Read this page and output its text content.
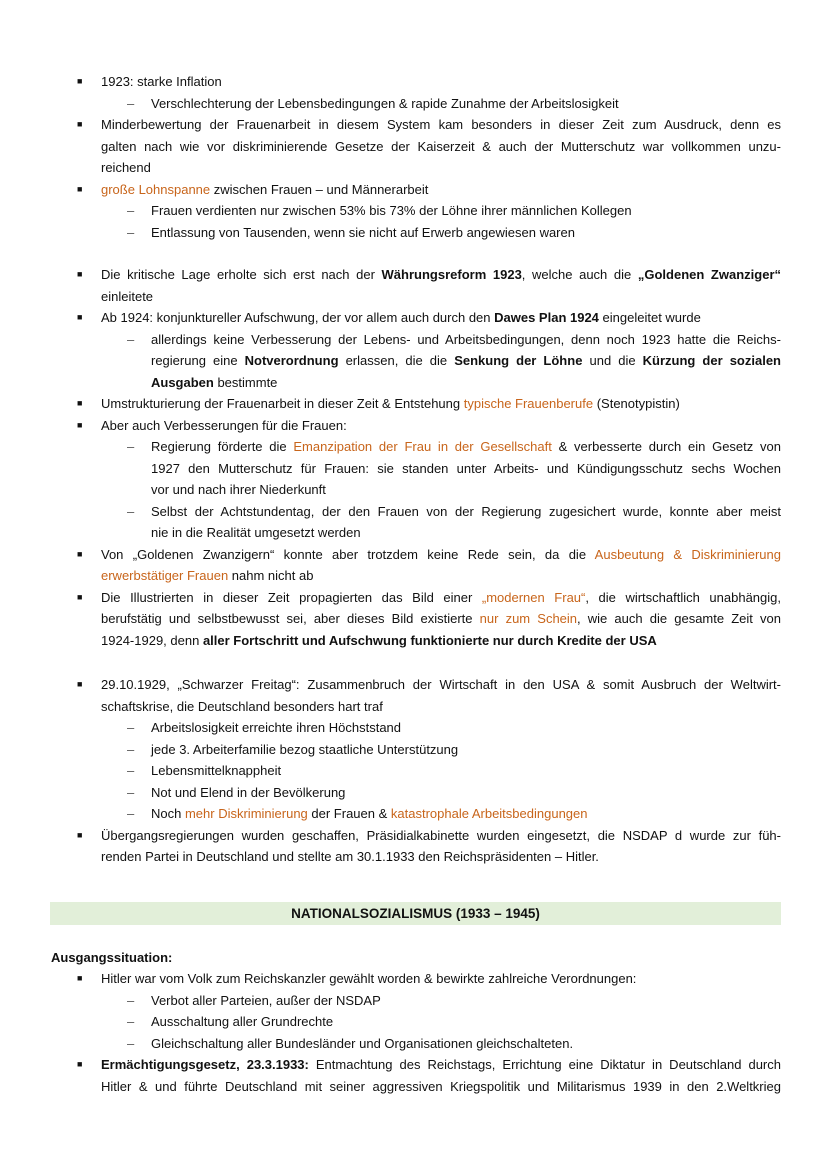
■ 1923: starke Inflation
– Verschlechterung der Lebensbedingungen & rapide Zunahme der Arbeitslosigkeit
■ Minderbewertung der Frauenarbeit in diesem System kam besonders in dieser Zeit zum Ausdruck, denn es
galten nach wie vor diskriminierende Gesetze der Kaiserzeit & auch der Mutterschutz war vollkommen unzu-
reichend
■ große Lohnspanne zwischen Frauen – und Männerarbeit
– Frauen verdienten nur zwischen 53% bis 73% der Löhne ihrer männlichen Kollegen
– Entlassung von Tausenden, wenn sie nicht auf Erwerb angewiesen waren
■ Die kritische Lage erholte sich erst nach der Währungsreform 1923, welche auch die „Goldenen Zwanziger“
einleitete
■ Ab 1924: konjunktureller Aufschwung, der vor allem auch durch den Dawes Plan 1924 eingeleitet wurde
– allerdings keine Verbesserung der Lebens- und Arbeitsbedingungen, denn noch 1923 hatte die Reichs-
regierung eine Notverordnung erlassen, die die Senkung der Löhne und die Kürzung der sozialen
Ausgaben bestimmte
■ Umstrukturierung der Frauenarbeit in dieser Zeit & Entstehung typische Frauenberufe (Stenotypistin)
■ Aber auch Verbesserungen für die Frauen:
– Regierung förderte die Emanzipation der Frau in der Gesellschaft & verbesserte durch ein Gesetz von
1927 den Mutterschutz für Frauen: sie standen unter Arbeits- und Kündigungsschutz sechs Wochen
vor und nach ihrer Niederkunft
– Selbst der Achtstundentag, der den Frauen von der Regierung zugesichert wurde, konnte aber meist
nie in die Realität umgesetzt werden
■ Von „Goldenen Zwanzigern“ konnte aber trotzdem keine Rede sein, da die Ausbeutung & Diskriminierung
erwerbstätiger Frauen nahm nicht ab
■ Die Illustrierten in dieser Zeit propagierten das Bild einer „modernen Frau“, die wirtschaftlich unabhängig,
berufstätig und selbstbewusst sei, aber dieses Bild existierte nur zum Schein, wie auch die gesamte Zeit von
1924-1929, denn aller Fortschritt und Aufschwung funktionierte nur durch Kredite der USA
■ 29.10.1929, „Schwarzer Freitag“: Zusammenbruch der Wirtschaft in den USA & somit Ausbruch der Weltwirt-
schaftskrise, die Deutschland besonders hart traf
– Arbeitslosigkeit erreichte ihren Höchststand
– jede 3. Arbeiterfamilie bezog staatliche Unterstützung
– Lebensmittelknappheit
– Not und Elend in der Bevölkerung
– Noch mehr Diskriminierung der Frauen & katastrophale Arbeitsbedingungen
■ Übergangsregierungen wurden geschaffen, Präsidialkabinette wurden eingesetzt, die NSDAP d wurde zur füh-
renden Partei in Deutschland und stellte am 30.1.1933 den Reichspräsidenten – Hitler.
NATIONALSOZIALISMUS (1933 – 1945)
Ausgangssituation:
■ Hitler war vom Volk zum Reichskanzler gewählt worden & bewirkte zahlreiche Verordnungen:
– Verbot aller Parteien, außer der NSDAP
– Ausschaltung aller Grundrechte
– Gleichschaltung aller Bundesländer und Organisationen gleichschalteten.
■ Ermächtigungsgesetz, 23.3.1933: Entmachtung des Reichstags, Errichtung eine Diktatur in Deutschland durch
Hitler & und führte Deutschland mit seiner aggressiven Kriegspolitik und Militarismus 1939 in den 2.Weltkrieg
